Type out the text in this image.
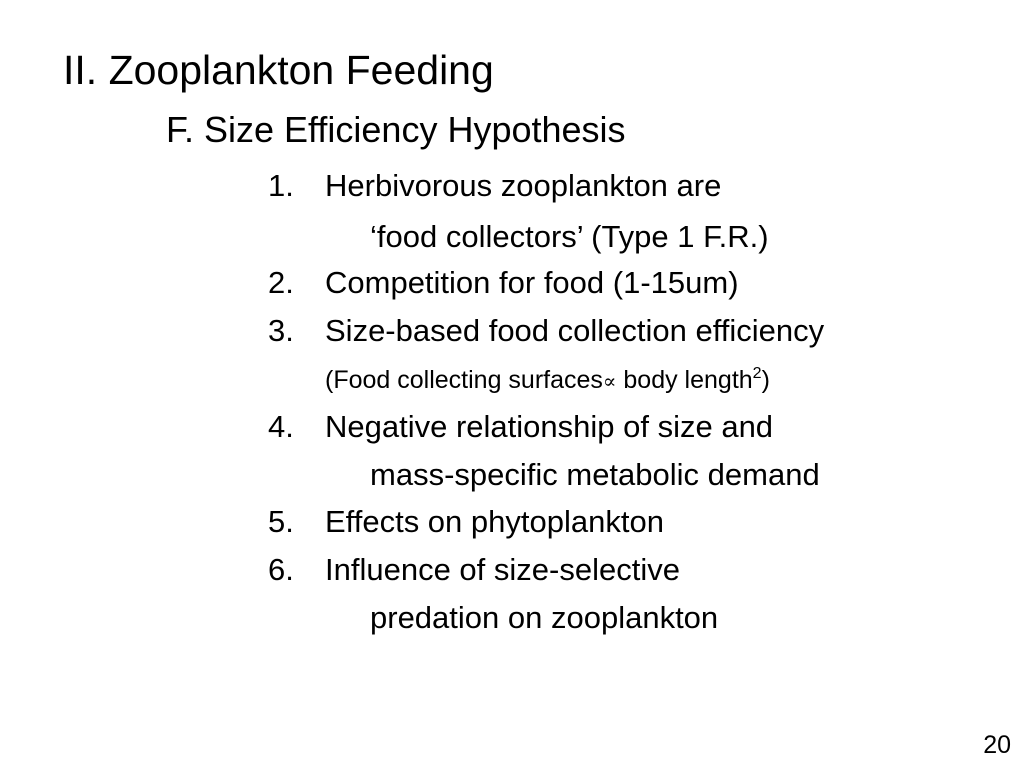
II. Zooplankton Feeding
F. Size Efficiency Hypothesis
1. Herbivorous zooplankton are
‘food collectors’ (Type 1 F.R.)
2. Competition for food (1-15um)
3. Size-based food collection efficiency
(Food collecting surfaces∝ body length$^2$)
4. Negative relationship of size and
mass-specific metabolic demand
5. Effects on phytoplankton
6. Influence of size-selective
predation on zooplankton
20
